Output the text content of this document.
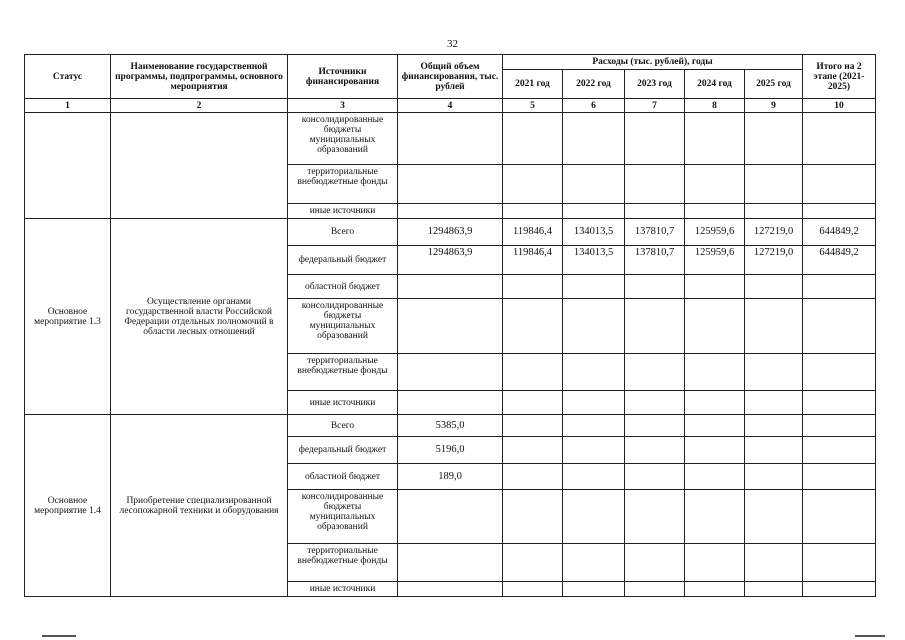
32
Статус	Наименование государственной программы, подпрограммы, основного мероприятия	Источники финансирования	Общий объем финансирования, тыс. рублей	Расходы (тыс. рублей), годы					Итого на 2 этапе (2021-2025)
				2021 год	2022 год	2023 год	2024 год	2025 год	
1	2	3	4	5	6	7	8	9	10
		консолидированные бюджеты муниципальных образований							
		территориальные внебюджетные фонды							
		иные источники							
Основное мероприятие 1.3	Осуществление органами государственной власти Российской Федерации отдельных полномочий в области лесных отношений	Всего	1294863,9	119846,4	134013,5	137810,7	125959,6	127219,0	644849,2
		федеральный бюджет	1294863,9	119846,4	134013,5	137810,7	125959,6	127219,0	644849,2
		областной бюджет							
		консолидированные бюджеты муниципальных образований							
		территориальные внебюджетные фонды							
		иные источники							
Основное мероприятие 1.4	Приобретение специализированной лесопожарной техники и оборудования	Всего	5385,0						
		федеральный бюджет	5196,0						
		областной бюджет	189,0						
		консолидированные бюджеты муниципальных образований							
		территориальные внебюджетные фонды							
		иные источники							
